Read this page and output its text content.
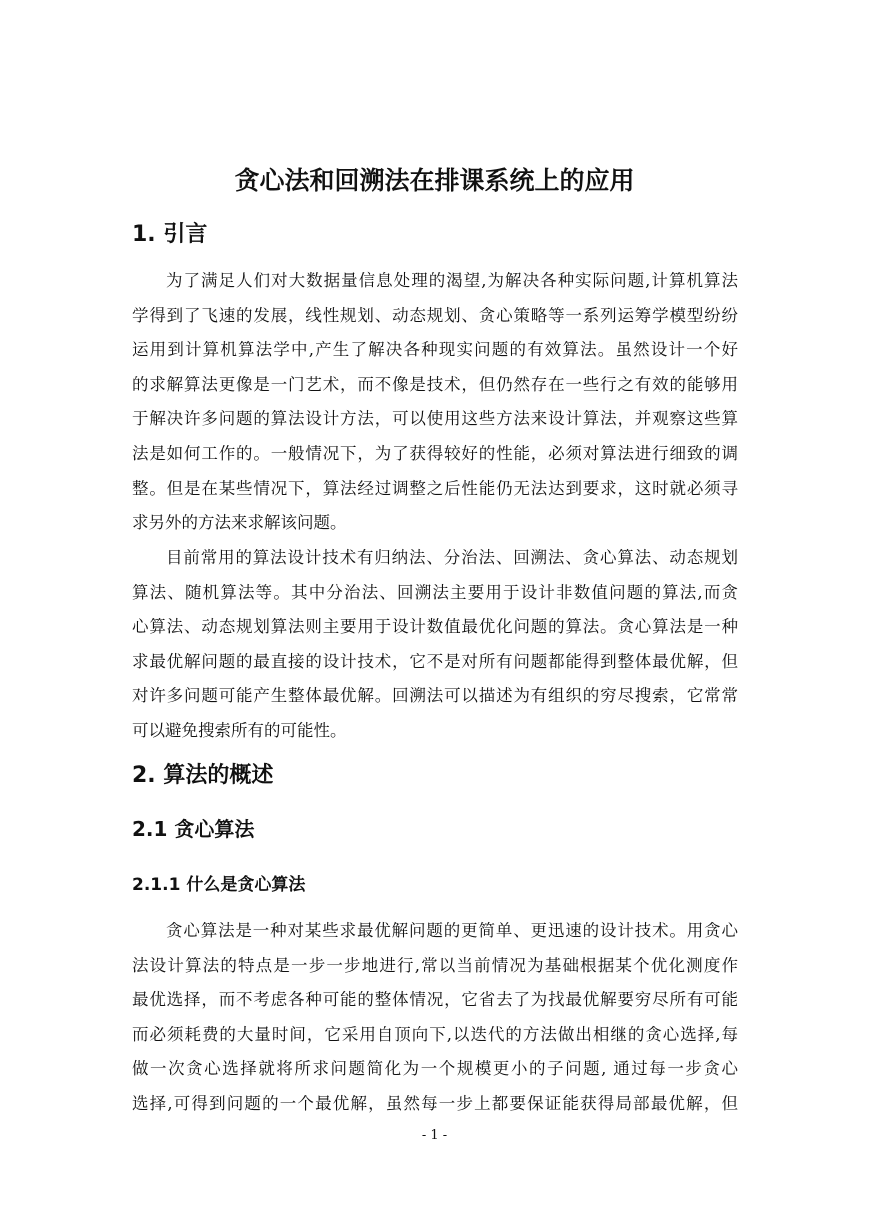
贪心法和回溯法在排课系统上的应用
1. 引言
为了满足人们对大数据量信息处理的渴望,为解决各种实际问题,计算机算法
学得到了飞速的发展，线性规划、动态规划、贪心策略等一系列运筹学模型纷纷
运用到计算机算法学中,产生了解决各种现实问题的有效算法。虽然设计一个好
的求解算法更像是一门艺术，而不像是技术，但仍然存在一些行之有效的能够用
于解决许多问题的算法设计方法，可以使用这些方法来设计算法，并观察这些算
法是如何工作的。一般情况下，为了获得较好的性能，必须对算法进行细致的调
整。但是在某些情况下，算法经过调整之后性能仍无法达到要求，这时就必须寻
求另外的方法来求解该问题。
目前常用的算法设计技术有归纳法、分治法、回溯法、贪心算法、动态规划
算法、随机算法等。其中分治法、回溯法主要用于设计非数值问题的算法,而贪
心算法、动态规划算法则主要用于设计数值最优化问题的算法。贪心算法是一种
求最优解问题的最直接的设计技术，它不是对所有问题都能得到整体最优解，但
对许多问题可能产生整体最优解。回溯法可以描述为有组织的穷尽搜索，它常常
可以避免搜索所有的可能性。
2. 算法的概述
2.1 贪心算法
2.1.1 什么是贪心算法
贪心算法是一种对某些求最优解问题的更简单、更迅速的设计技术。用贪心
法设计算法的特点是一步一步地进行,常以当前情况为基础根据某个优化测度作
最优选择，而不考虑各种可能的整体情况，它省去了为找最优解要穷尽所有可能
而必须耗费的大量时间，它采用自顶向下,以迭代的方法做出相继的贪心选择,每
做一次贪心选择就将所求问题简化为一个规模更小的子问题, 通过每一步贪心
选择,可得到问题的一个最优解，虽然每一步上都要保证能获得局部最优解，但
- 1 -
